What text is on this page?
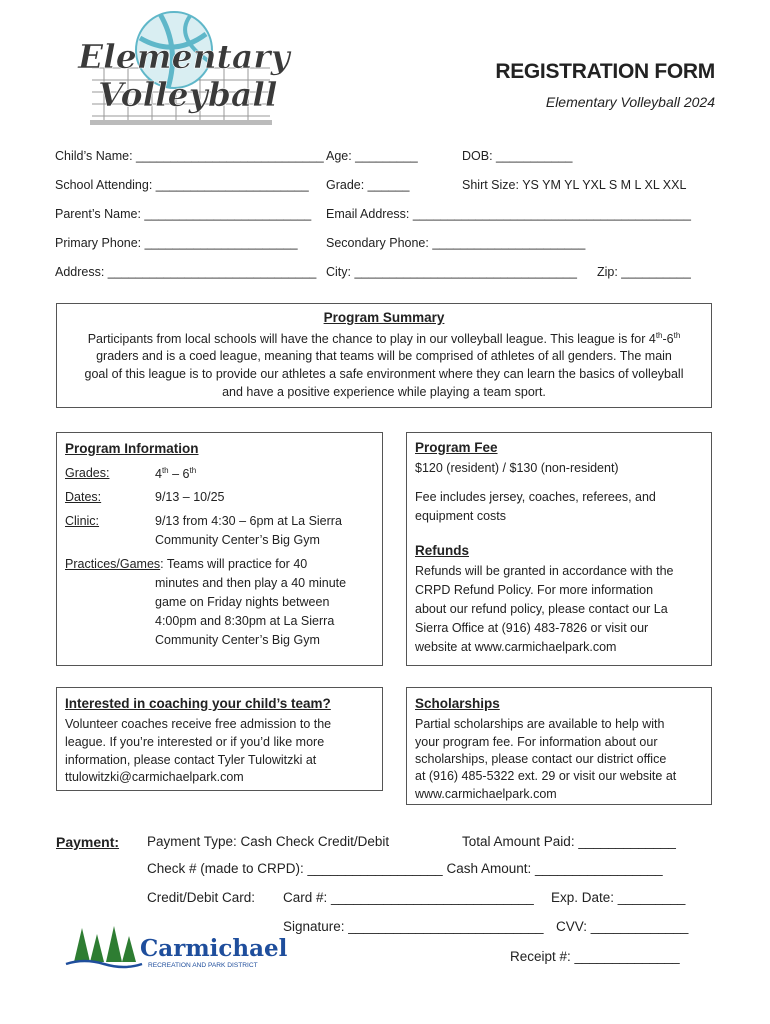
Elementary
Volleyball
REGISTRATION FORM
Elementary Volleyball 2024
Child’s Name: ___________________________ Age: _________	DOB: ___________
School Attending: ______________________ Grade: ______	Shirt Size: YS YM YL YXL S M L XL XXL
Parent’s Name: ________________________ Email Address: ________________________________________
Primary Phone: ______________________ Secondary Phone: ______________________
Address: ______________________________ City: ________________________________ Zip: __________
Program Summary
Participants from local schools will have the chance to play in our volleyball league. This league is for 4th-6th
graders and is a coed league, meaning that teams will be comprised of athletes of all genders. The main
goal of this league is to provide our athletes a safe environment where they can learn the basics of volleyball
and have a positive experience while playing a team sport.
Program Information
Grades:	4th – 6th
Dates:	9/13 – 10/25
Clinic:	9/13 from 4:30 – 6pm at La Sierra
Community Center’s Big Gym
Practices/Games: Teams will practice for 40
minutes and then play a 40 minute
game on Friday nights between
4:00pm and 8:30pm at La Sierra
Community Center’s Big Gym
Program Fee
$120 (resident) / $130 (non-resident)
Fee includes jersey, coaches, referees, and
equipment costs
Refunds
Refunds will be granted in accordance with the
CRPD Refund Policy. For more information
about our refund policy, please contact our La
Sierra Office at (916) 483-7826 or visit our
website at www.carmichaelpark.com
Interested in coaching your child’s team?
Volunteer coaches receive free admission to the
league. If you’re interested or if you’d like more
information, please contact Tyler Tulowitzki at
ttulowitzki@carmichaelpark.com
Scholarships
Partial scholarships are available to help with
your program fee. For information about our
scholarships, please contact our district office
at (916) 485-5322 ext. 29 or visit our website at
www.carmichaelpark.com
Payment: Payment Type: Cash Check Credit/Debit	Total Amount Paid: _____________
Check # (made to CRPD): __________________ Cash Amount: _________________
Credit/Debit Card: Card #: ___________________________ Exp. Date: _________
Signature: __________________________ CVV: _____________
Receipt #: ______________
Carmichael
RECREATION AND PARK DISTRICT
